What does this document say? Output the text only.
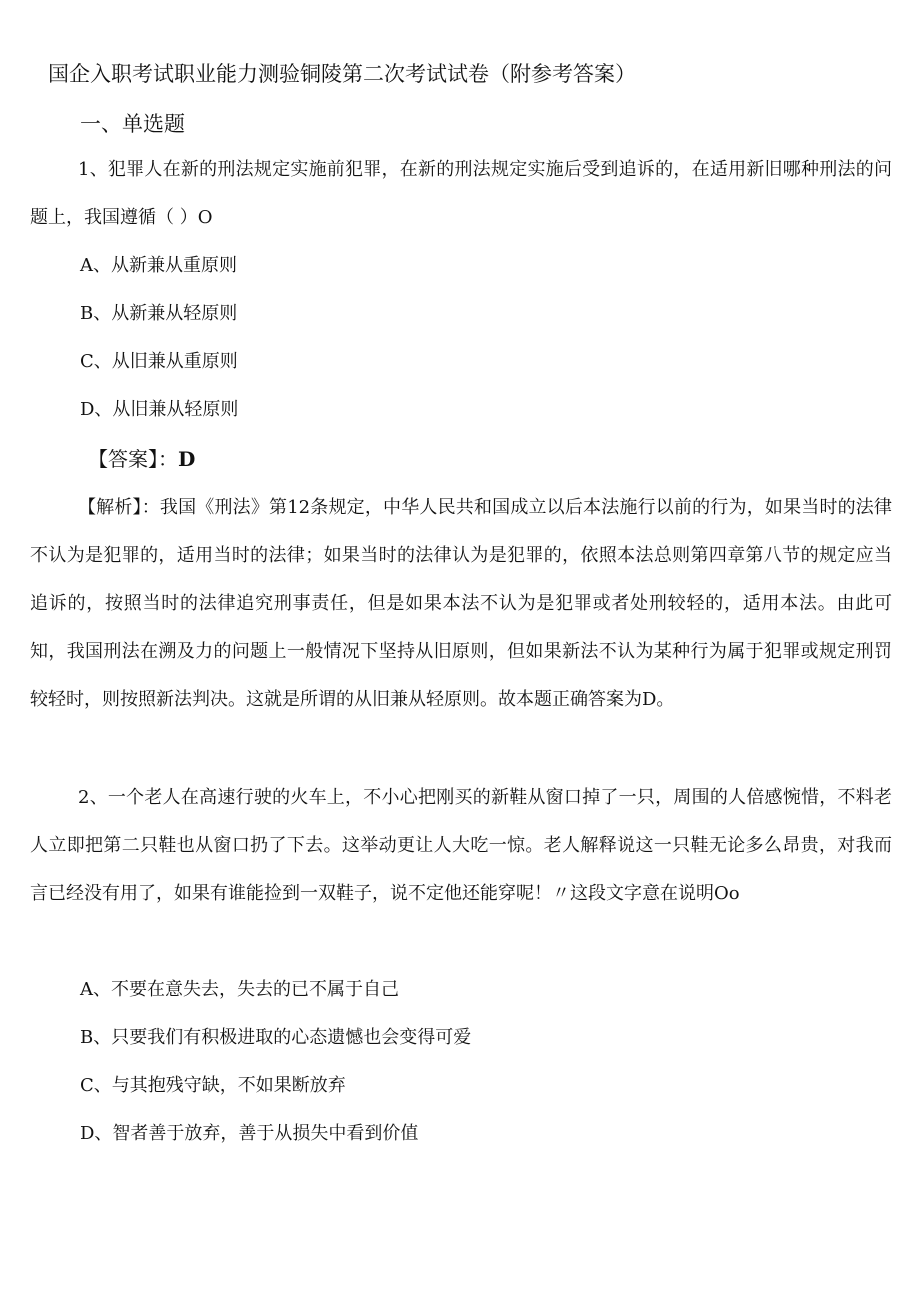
国企入职考试职业能力测验铜陵第二次考试试卷（附参考答案）
一、单选题

1、犯罪人在新的刑法规定实施前犯罪，在新的刑法规定实施后受到追诉的，在适用新旧哪种刑法的问题上，我国遵循（ ）O

A、从新兼从重原则

B、从新兼从轻原则

C、从旧兼从重原则

D、从旧兼从轻原则

【答案】：D

【解析】：我国《刑法》第12条规定，中华人民共和国成立以后本法施行以前的行为，如果当时的法律不认为是犯罪的，适用当时的法律；如果当时的法律认为是犯罪的，依照本法总则第四章第八节的规定应当追诉的，按照当时的法律追究刑事责任，但是如果本法不认为是犯罪或者处刑较轻的，适用本法。由此可知，我国刑法在溯及力的问题上一般情况下坚持从旧原则，但如果新法不认为某种行为属于犯罪或规定刑罚较轻时，则按照新法判决。这就是所谓的从旧兼从轻原则。故本题正确答案为D。

2、一个老人在高速行驶的火车上，不小心把刚买的新鞋从窗口掉了一只，周围的人倍感惋惜，不料老人立即把第二只鞋也从窗口扔了下去。这举动更让人大吃一惊。老人解释说这一只鞋无论多么昂贵，对我而言已经没有用了，如果有谁能捡到一双鞋子，说不定他还能穿呢！〃这段文字意在说明Oo

A、不要在意失去，失去的已不属于自己

B、只要我们有积极进取的心态遗憾也会变得可爱

C、与其抱残守缺，不如果断放弃

D、智者善于放弃，善于从损失中看到价值
